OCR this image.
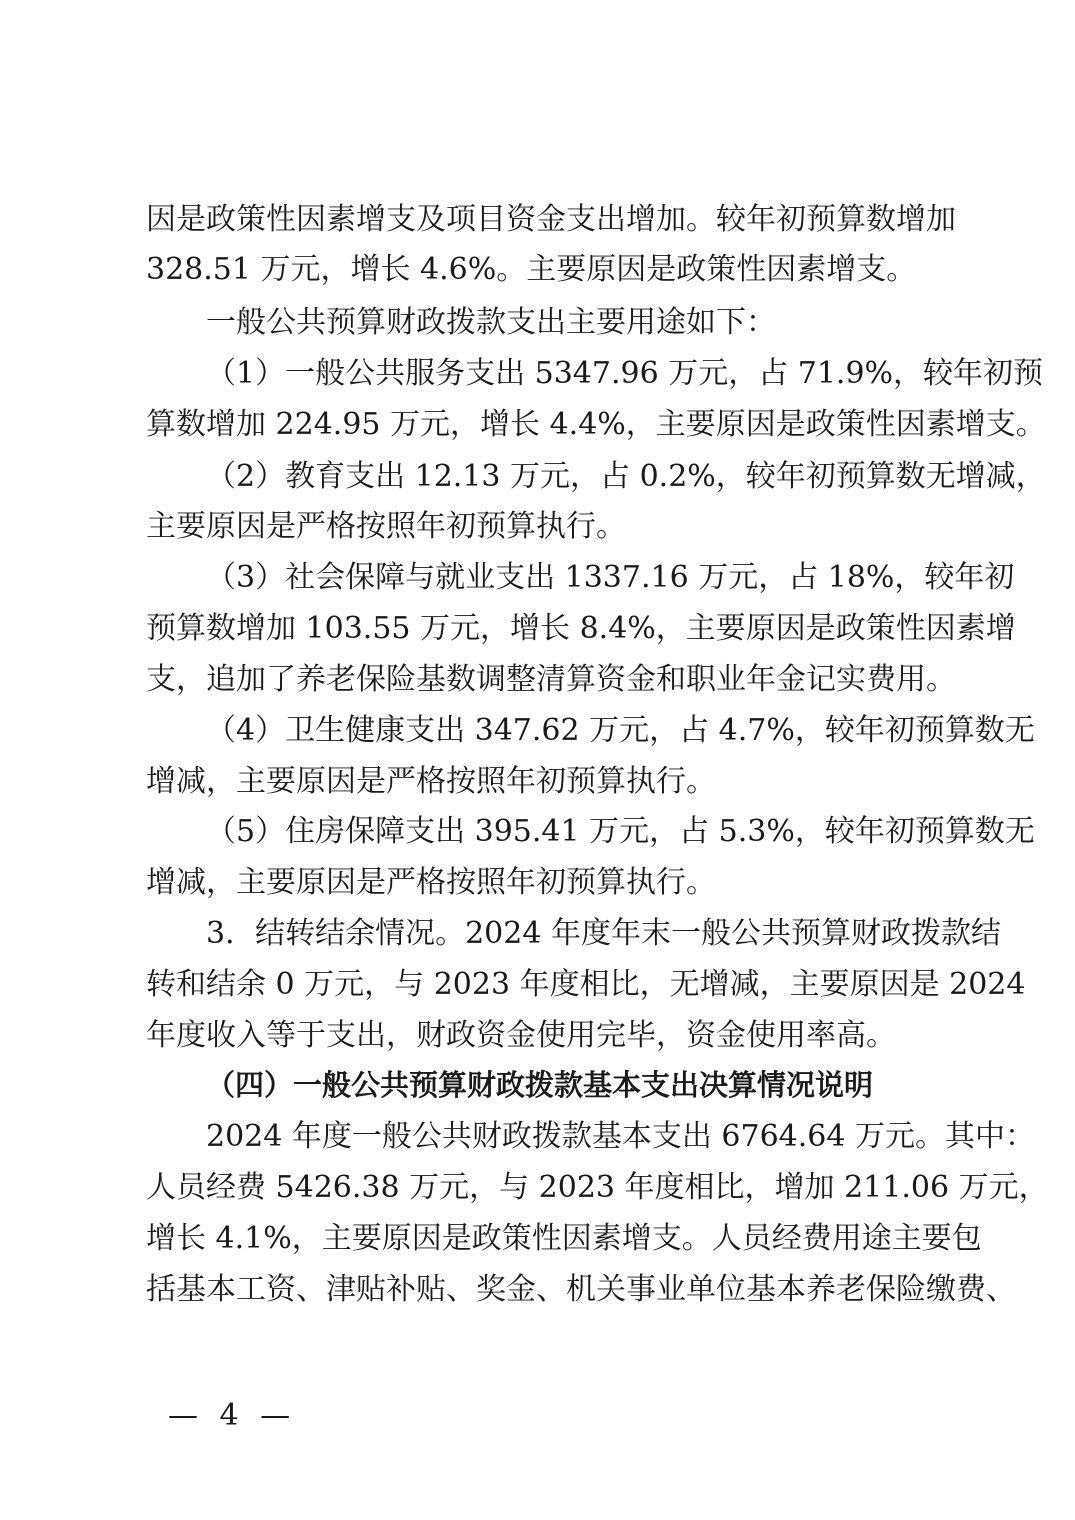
因是政策性因素增支及项目资金支出增加。较年初预算数增加
328.51 万元，增长 4.6%。主要原因是政策性因素增支。
一般公共预算财政拨款支出主要用途如下：
（1）一般公共服务支出 5347.96 万元，占 71.9%，较年初预
算数增加 224.95 万元，增长 4.4%，主要原因是政策性因素增支。
（2）教育支出 12.13 万元，占 0.2%，较年初预算数无增减，
主要原因是严格按照年初预算执行。
（3）社会保障与就业支出 1337.16 万元，占 18%，较年初
预算数增加 103.55 万元，增长 8.4%，主要原因是政策性因素增
支，追加了养老保险基数调整清算资金和职业年金记实费用。
（4）卫生健康支出 347.62 万元，占 4.7%，较年初预算数无
增减，主要原因是严格按照年初预算执行。
（5）住房保障支出 395.41 万元，占 5.3%，较年初预算数无
增减，主要原因是严格按照年初预算执行。
3．结转结余情况。2024 年度年末一般公共预算财政拨款结
转和结余 0 万元，与 2023 年度相比，无增减，主要原因是 2024
年度收入等于支出，财政资金使用完毕，资金使用率高。
（四）一般公共预算财政拨款基本支出决算情况说明
2024 年度一般公共财政拨款基本支出 6764.64 万元。其中：
人员经费 5426.38 万元，与 2023 年度相比，增加 211.06 万元，
增长 4.1%，主要原因是政策性因素增支。人员经费用途主要包
括基本工资、津贴补贴、奖金、机关事业单位基本养老保险缴费、
— 4 —
